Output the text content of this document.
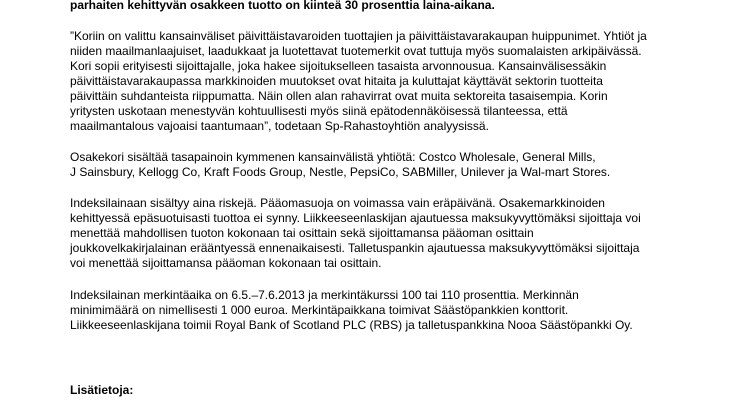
parhaiten kehittyvän osakkeen tuotto on kiinteä 30 prosenttia laina-aikana.
”Koriin on valittu kansainväliset päivittäistavaroiden tuottajien ja päivittäistavarakaupan huippunimet. Yhtiöt ja
niiden maailmanlaajuiset, laadukkaat ja luotettavat tuotemerkit ovat tuttuja myös suomalaisten arkipäivässä.
Kori sopii erityisesti sijoittajalle, joka hakee sijoitukselleen tasaista arvonnousua. Kansainvälisessäkin
päivittäistavarakaupassa markkinoiden muutokset ovat hitaita ja kuluttajat käyttävät sektorin tuotteita
päivittäin suhdanteista riippumatta. Näin ollen alan rahavirrat ovat muita sektoreita tasaisempia. Korin
yritysten uskotaan menestyvän kohtuullisesti myös siinä epätodennäköisessä tilanteessa, että
maailmantalous vajoaisi taantumaan”, todetaan Sp-Rahastoyhtiön analyysissä.
Osakekori sisältää tasapainoin kymmenen kansainvälistä yhtiötä: Costco Wholesale, General Mills,
J Sainsbury, Kellogg Co, Kraft Foods Group, Nestle, PepsiCo, SABMiller, Unilever ja Wal-mart Stores.
Indeksilainaan sisältyy aina riskejä. Pääomasuoja on voimassa vain eräpäivänä. Osakemarkkinoiden
kehittyessä epäsuotuisasti tuottoa ei synny. Liikkeeseenlaskijan ajautuessa maksukyvyttömäksi sijoittaja voi
menettää mahdollisen tuoton kokonaan tai osittain sekä sijoittamansa pääoman osittain
joukkovelkakirjalainan erääntyessä ennenaikaisesti. Talletuspankin ajautuessa maksukyvyttömäksi sijoittaja
voi menettää sijoittamansa pääoman kokonaan tai osittain.
Indeksilainan merkintäaika on 6.5.–7.6.2013 ja merkintäkurssi 100 tai 110 prosenttia. Merkinnän
minimimäärä on nimellisesti 1 000 euroa. Merkintäpaikkana toimivat Säästöpankkien konttorit.
Liikkeeseenlaskijana toimii Royal Bank of Scotland PLC (RBS) ja talletuspankkina Nooa Säästöpankki Oy.
Lisätietoja:
